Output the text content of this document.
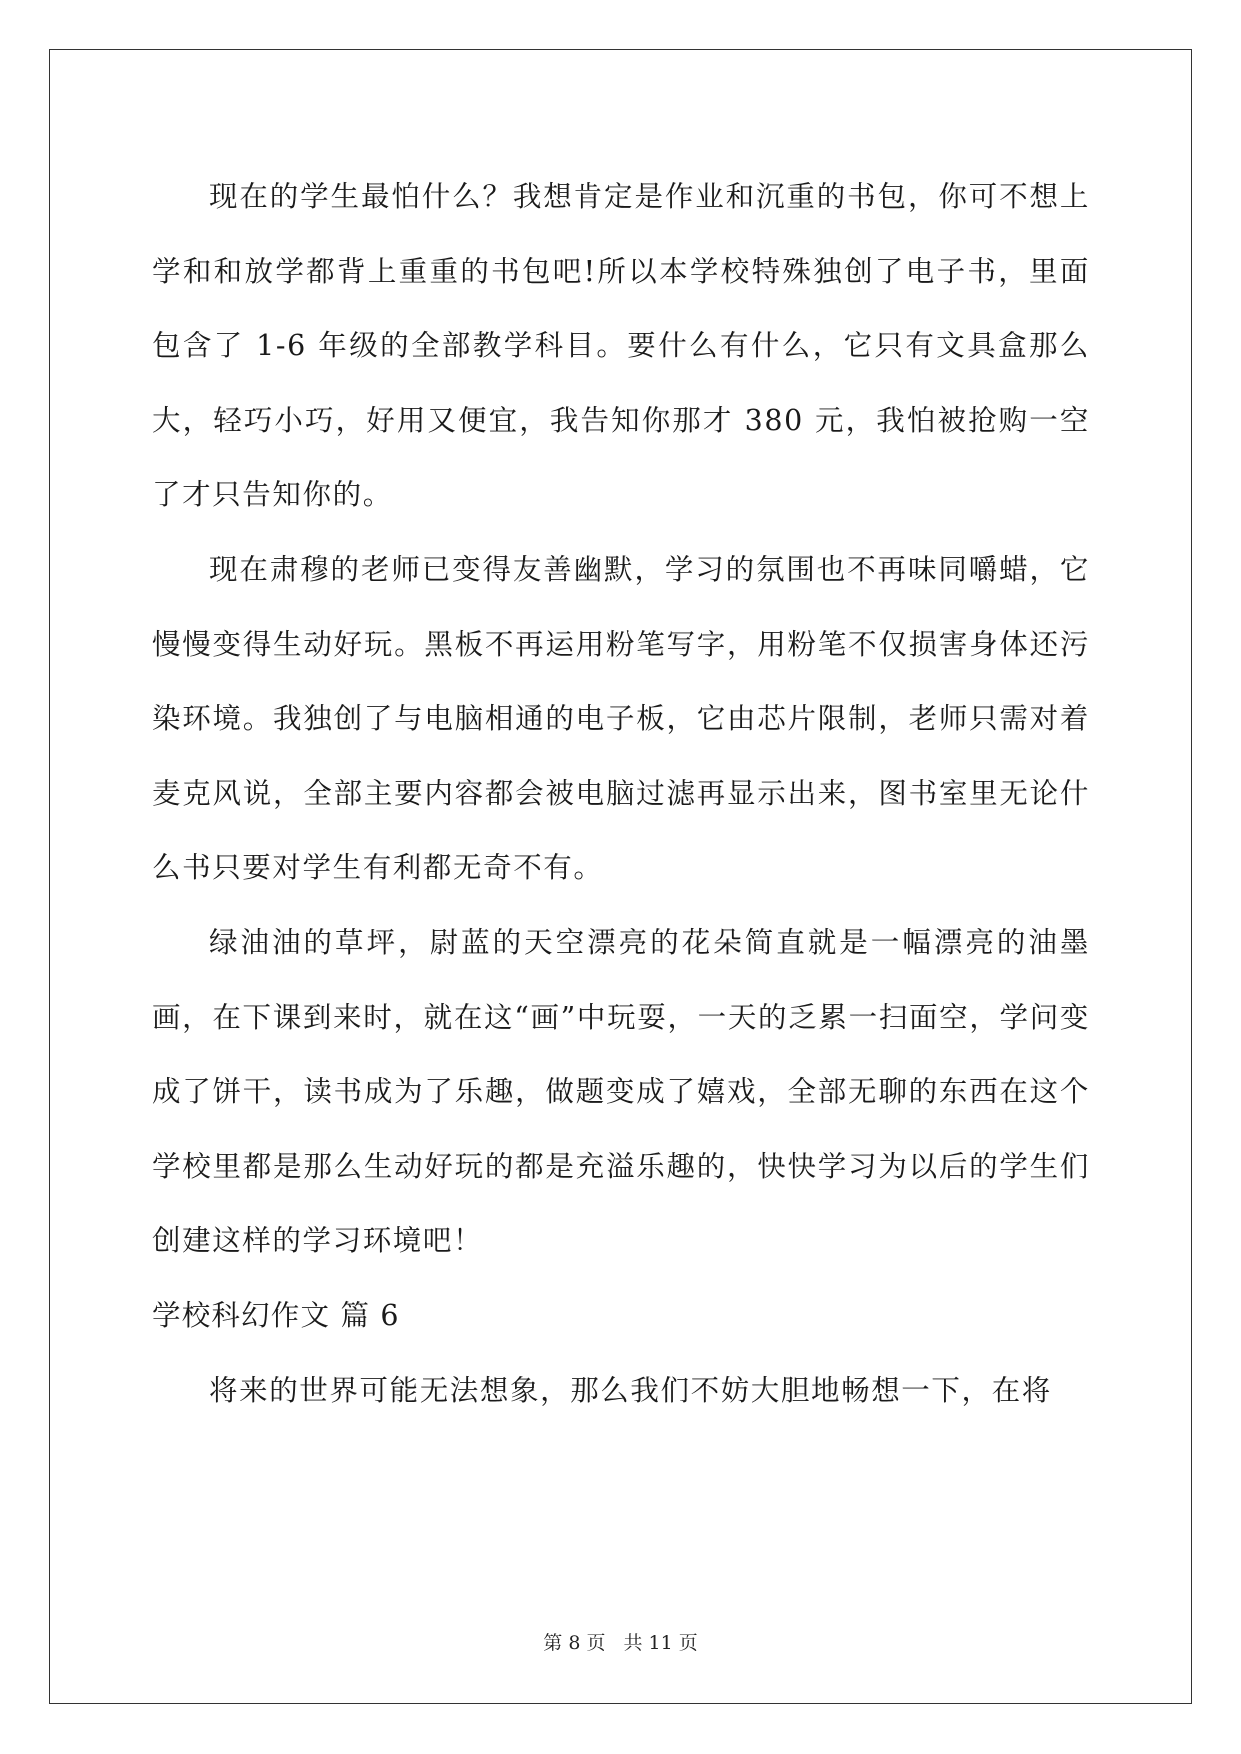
现在的学生最怕什么？我想肯定是作业和沉重的书包，你可不想上学和和放学都背上重重的书包吧!所以本学校特殊独创了电子书，里面包含了 1-6 年级的全部教学科目。要什么有什么，它只有文具盒那么大，轻巧小巧，好用又便宜，我告知你那才 380 元，我怕被抢购一空了才只告知你的。

现在肃穆的老师已变得友善幽默，学习的氛围也不再味同嚼蜡，它慢慢变得生动好玩。黑板不再运用粉笔写字，用粉笔不仅损害身体还污染环境。我独创了与电脑相通的电子板，它由芯片限制，老师只需对着麦克风说，全部主要内容都会被电脑过滤再显示出来，图书室里无论什么书只要对学生有利都无奇不有。

绿油油的草坪，尉蓝的天空漂亮的花朵简直就是一幅漂亮的油墨画，在下课到来时，就在这“画”中玩耍，一天的乏累一扫面空，学问变成了饼干，读书成为了乐趣，做题变成了嬉戏，全部无聊的东西在这个学校里都是那么生动好玩的都是充溢乐趣的，快快学习为以后的学生们创建这样的学习环境吧！

学校科幻作文 篇 6

将来的世界可能无法想象，那么我们不妨大胆地畅想一下，在将

第 8 页 共 11 页
